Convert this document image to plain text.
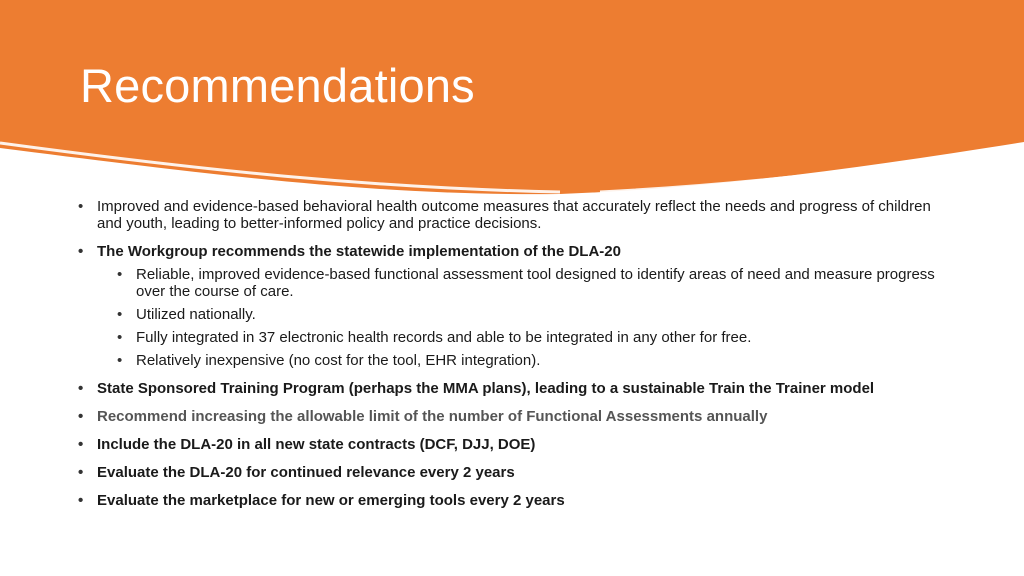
Recommendations
• Improved and evidence-based behavioral health outcome measures that accurately reflect the needs and progress of children and youth, leading to better-informed policy and practice decisions.
• The Workgroup recommends the statewide implementation of the DLA-20
• Reliable, improved evidence-based functional assessment tool designed to identify areas of need and measure progress over the course of care.
• Utilized nationally.
• Fully integrated in 37 electronic health records and able to be integrated in any other for free.
• Relatively inexpensive (no cost for the tool, EHR integration).
• State Sponsored Training Program (perhaps the MMA plans), leading to a sustainable Train the Trainer model
• Recommend increasing the allowable limit of the number of Functional Assessments annually
• Include the DLA-20 in all new state contracts (DCF, DJJ, DOE)
• Evaluate the DLA-20 for continued relevance every 2 years
• Evaluate the marketplace for new or emerging tools every 2 years
